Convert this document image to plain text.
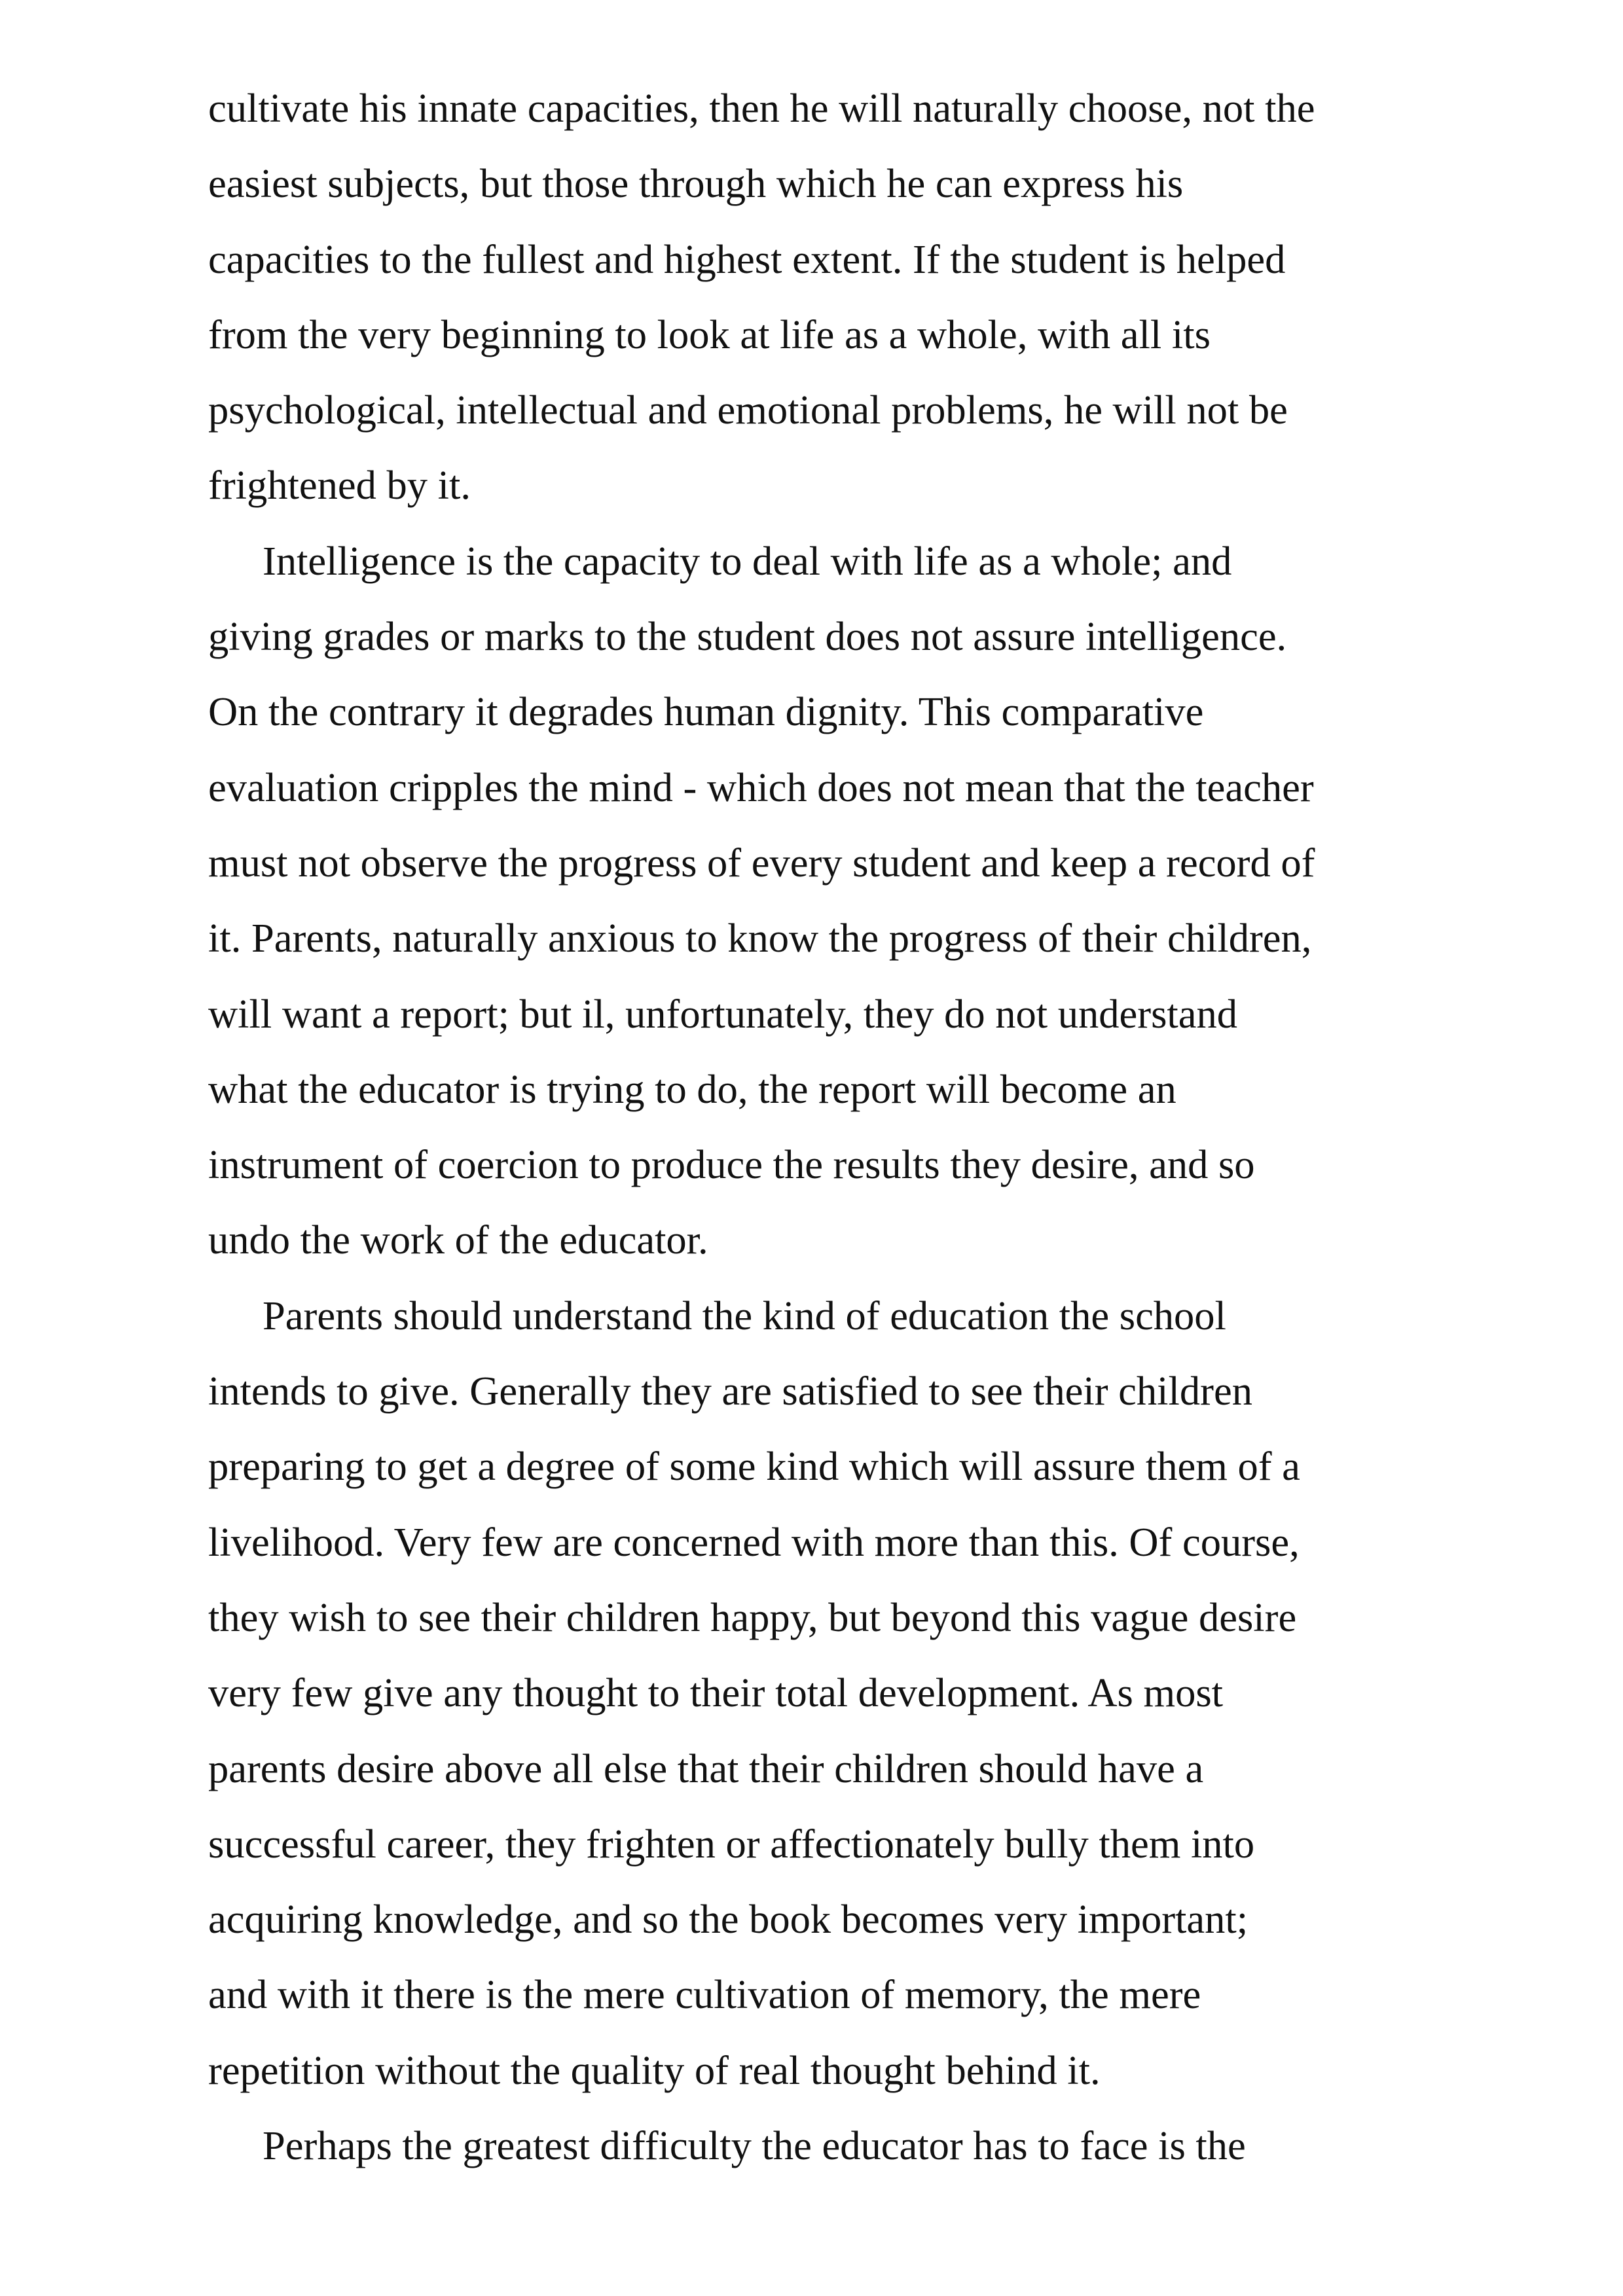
cultivate his innate capacities, then he will naturally choose, not the
easiest subjects, but those through which he can express his
capacities to the fullest and highest extent. If the student is helped
from the very beginning to look at life as a whole, with all its
psychological, intellectual and emotional problems, he will not be
frightened by it.
Intelligence is the capacity to deal with life as a whole; and
giving grades or marks to the student does not assure intelligence.
On the contrary it degrades human dignity. This comparative
evaluation cripples the mind - which does not mean that the teacher
must not observe the progress of every student and keep a record of
it. Parents, naturally anxious to know the progress of their children,
will want a report; but il, unfortunately, they do not understand
what the educator is trying to do, the report will become an
instrument of coercion to produce the results they desire, and so
undo the work of the educator.
Parents should understand the kind of education the school
intends to give. Generally they are satisfied to see their children
preparing to get a degree of some kind which will assure them of a
livelihood. Very few are concerned with more than this. Of course,
they wish to see their children happy, but beyond this vague desire
very few give any thought to their total development. As most
parents desire above all else that their children should have a
successful career, they frighten or affectionately bully them into
acquiring knowledge, and so the book becomes very important;
and with it there is the mere cultivation of memory, the mere
repetition without the quality of real thought behind it.
Perhaps the greatest difficulty the educator has to face is the
